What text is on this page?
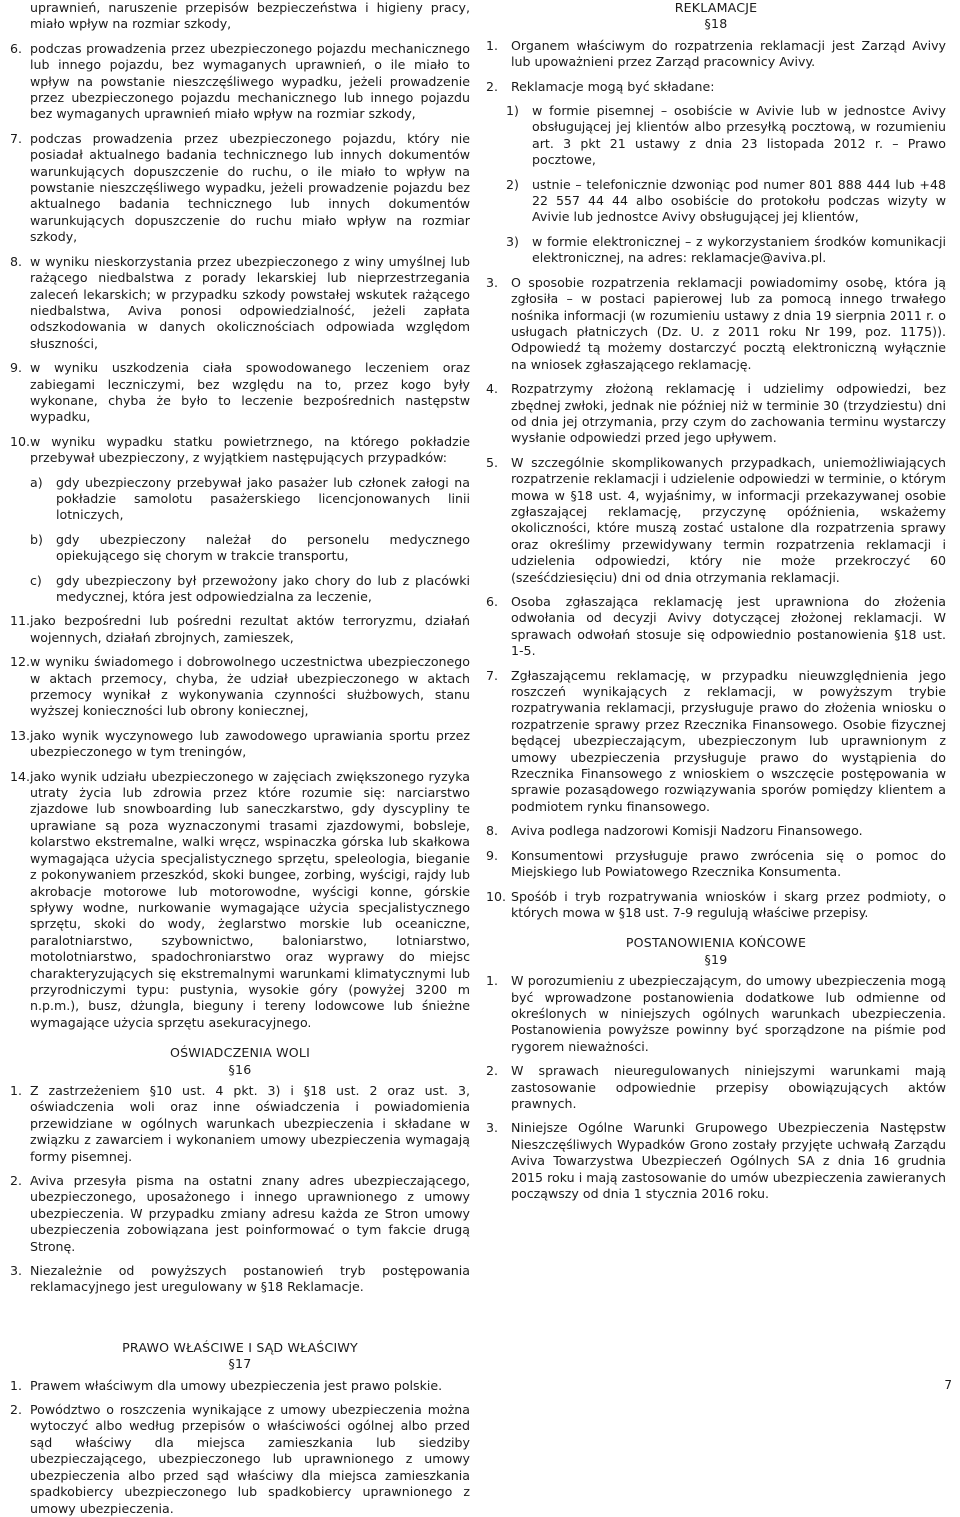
uprawnień, naruszenie przepisów bezpieczeństwa i higieny pracy, miało wpływ na rozmiar szkody,
6. podczas prowadzenia przez ubezpieczonego pojazdu mechanicznego lub innego pojazdu, bez wymaganych uprawnień, o ile miało to wpływ na powstanie nieszczęśliwego wypadku, jeżeli prowadzenie przez ubezpieczonego pojazdu mechanicznego lub innego pojazdu bez wymaganych uprawnień miało wpływ na rozmiar szkody,
7. podczas prowadzenia przez ubezpieczonego pojazdu, który nie posiadał aktualnego badania technicznego lub innych dokumentów warunkujących dopuszczenie do ruchu, o ile miało to wpływ na powstanie nieszczęśliwego wypadku, jeżeli prowadzenie pojazdu bez aktualnego badania technicznego lub innych dokumentów warunkujących dopuszczenie do ruchu miało wpływ na rozmiar szkody,
8. w wyniku nieskorzystania przez ubezpieczonego z winy umyślnej lub rażącego niedbalstwa z porady lekarskiej lub nieprzestrzegania zaleceń lekarskich; w przypadku szkody powstałej wskutek rażącego niedbalstwa, Aviva ponosi odpowiedzialność, jeżeli zapłata odszkodowania w danych okolicznościach odpowiada względom słuszności,
9. w wyniku uszkodzenia ciała spowodowanego leczeniem oraz zabiegami leczniczymi, bez względu na to, przez kogo były wykonane, chyba że było to leczenie bezpośrednich następstw wypadku,
10. w wyniku wypadku statku powietrznego, na którego pokładzie przebywał ubezpieczony, z wyjątkiem następujących przypadków:
a) gdy ubezpieczony przebywał jako pasażer lub członek załogi na pokładzie samolotu pasażerskiego licencjonowanych linii lotniczych,
b) gdy ubezpieczony należał do personelu medycznego opiekującego się chorym w trakcie transportu,
c) gdy ubezpieczony był przewożony jako chory do lub z placówki medycznej, która jest odpowiedzialna za leczenie,
11. jako bezpośredni lub pośredni rezultat aktów terroryzmu, działań wojennych, działań zbrojnych, zamieszek,
12. w wyniku świadomego i dobrowolnego uczestnictwa ubezpieczonego w aktach przemocy, chyba, że udział ubezpieczonego w aktach przemocy wynikał z wykonywania czynności służbowych, stanu wyższej konieczności lub obrony koniecznej,
13. jako wynik wyczynowego lub zawodowego uprawiania sportu przez ubezpieczonego w tym treningów,
14. jako wynik udziału ubezpieczonego w zajęciach zwiększonego ryzyka utraty życia lub zdrowia przez które rozumie się: narciarstwo zjazdowe lub snowboarding lub saneczkarstwo, gdy dyscypliny te uprawiane są poza wyznaczonymi trasami zjazdowymi, bobsleje, kolarstwo ekstremalne, walki wręcz, wspinaczka górska lub skałkowa wymagająca użycia specjalistycznego sprzętu, speleologia, bieganie z pokonywaniem przeszkód, skoki bungee, zorbing, wyścigi, rajdy lub akrobacje motorowe lub motorowodne, wyścigi konne, górskie spływy wodne, nurkowanie wymagające użycia specjalistycznego sprzętu, skoki do wody, żeglarstwo morskie lub oceaniczne, paralotniarstwo, szybownictwo, baloniarstwo, lotniarstwo, motolotniarstwo, spadochroniarstwo oraz wyprawy do miejsc charakteryzujących się ekstremalnymi warunkami klimatycznymi lub przyrodniczymi typu: pustynia, wysokie góry (powyżej 3200 m n.p.m.), busz, dżungla, bieguny i tereny lodowcowe lub śnieżne wymagające użycia sprzętu asekuracyjnego.
OŚWIADCZENIA WOLI
§16
1. Z zastrzeżeniem §10 ust. 4 pkt. 3) i §18 ust. 2 oraz ust. 3, oświadczenia woli oraz inne oświadczenia i powiadomienia przewidziane w ogólnych warunkach ubezpieczenia i składane w związku z zawarciem i wykonaniem umowy ubezpieczenia wymagają formy pisemnej.
2. Aviva przesyła pisma na ostatni znany adres ubezpieczającego, ubezpieczonego, uposażonego i innego uprawnionego z umowy ubezpieczenia. W przypadku zmiany adresu każda ze Stron umowy ubezpieczenia zobowiązana jest poinformować o tym fakcie drugą Stronę.
3. Niezależnie od powyższych postanowień tryb postępowania reklamacyjnego jest uregulowany w §18 Reklamacje.
PRAWO WŁAŚCIWE I SĄD WŁAŚCIWY
§17
1. Prawem właściwym dla umowy ubezpieczenia jest prawo polskie.
2. Powództwo o roszczenia wynikające z umowy ubezpieczenia można wytoczyć albo według przepisów o właściwości ogólnej albo przed sąd właściwy dla miejsca zamieszkania lub siedziby ubezpieczającego, ubezpieczonego lub uprawnionego z umowy ubezpieczenia albo przed sąd właściwy dla miejsca zamieszkania spadkobiercy ubezpieczonego lub spadkobiercy uprawnionego z umowy ubezpieczenia.
REKLAMACJE
§18
1. Organem właściwym do rozpatrzenia reklamacji jest Zarząd Avivy lub upoważnieni przez Zarząd pracownicy Avivy.
2. Reklamacje mogą być składane:
1) w formie pisemnej – osobiście w Avivie lub w jednostce Avivy obsługującej jej klientów albo przesyłką pocztową, w rozumieniu art. 3 pkt 21 ustawy z dnia 23 listopada 2012 r. – Prawo pocztowe,
2) ustnie – telefonicznie dzwoniąc pod numer 801 888 444 lub +48 22 557 44 44 albo osobiście do protokołu podczas wizyty w Avivie lub jednostce Avivy obsługującej jej klientów,
3) w formie elektronicznej – z wykorzystaniem środków komunikacji elektronicznej, na adres: reklamacje@aviva.pl.
3. O sposobie rozpatrzenia reklamacji powiadomimy osobę, która ją zgłosiła – w postaci papierowej lub za pomocą innego trwałego nośnika informacji (w rozumieniu ustawy z dnia 19 sierpnia 2011 r. o usługach płatniczych (Dz. U. z 2011 roku Nr 199, poz. 1175)). Odpowiedź tą możemy dostarczyć pocztą elektroniczną wyłącznie na wniosek zgłaszającego reklamację.
4. Rozpatrzymy złożoną reklamację i udzielimy odpowiedzi, bez zbędnej zwłoki, jednak nie później niż w terminie 30 (trzydziestu) dni od dnia jej otrzymania, przy czym do zachowania terminu wystarczy wysłanie odpowiedzi przed jego upływem.
5. W szczególnie skomplikowanych przypadkach, uniemożliwiających rozpatrzenie reklamacji i udzielenie odpowiedzi w terminie, o którym mowa w §18 ust. 4, wyjaśnimy, w informacji przekazywanej osobie zgłaszającej reklamację, przyczynę opóźnienia, wskażemy okoliczności, które muszą zostać ustalone dla rozpatrzenia sprawy oraz określimy przewidywany termin rozpatrzenia reklamacji i udzielenia odpowiedzi, który nie może przekroczyć 60 (sześćdziesięciu) dni od dnia otrzymania reklamacji.
6. Osoba zgłaszająca reklamację jest uprawniona do złożenia odwołania od decyzji Avivy dotyczącej złożonej reklamacji. W sprawach odwołań stosuje się odpowiednio postanowienia §18 ust. 1-5.
7. Zgłaszającemu reklamację, w przypadku nieuwzględnienia jego roszczeń wynikających z reklamacji, w powyższym trybie rozpatrywania reklamacji, przysługuje prawo do złożenia wniosku o rozpatrzenie sprawy przez Rzecznika Finansowego. Osobie fizycznej będącej ubezpieczającym, ubezpieczonym lub uprawnionym z umowy ubezpieczenia przysługuje prawo do wystąpienia do Rzecznika Finansowego z wnioskiem o wszczęcie postępowania w sprawie pozasądowego rozwiązywania sporów pomiędzy klientem a podmiotem rynku finansowego.
8. Aviva podlega nadzorowi Komisji Nadzoru Finansowego.
9. Konsumentowi przysługuje prawo zwrócenia się o pomoc do Miejskiego lub Powiatowego Rzecznika Konsumenta.
10. Spośób i tryb rozpatrywania wniosków i skarg przez podmioty, o których mowa w §18 ust. 7-9 regulują właściwe przepisy.
POSTANOWIENIA KOŃCOWE
§19
1. W porozumieniu z ubezpieczającym, do umowy ubezpieczenia mogą być wprowadzone postanowienia dodatkowe lub odmienne od określonych w niniejszych ogólnych warunkach ubezpieczenia. Postanowienia powyższe powinny być sporządzone na piśmie pod rygorem nieważności.
2. W sprawach nieuregulowanych niniejszymi warunkami mają zastosowanie odpowiednie przepisy obowiązujących aktów prawnych.
3. Niniejsze Ogólne Warunki Grupowego Ubezpieczenia Następstw Nieszczęśliwych Wypadków Grono zostały przyjęte uchwałą Zarządu Aviva Towarzystwa Ubezpieczeń Ogólnych SA z dnia 16 grudnia 2015 roku i mają zastosowanie do umów ubezpieczenia zawieranych począwszy od dnia 1 stycznia 2016 roku.
7
